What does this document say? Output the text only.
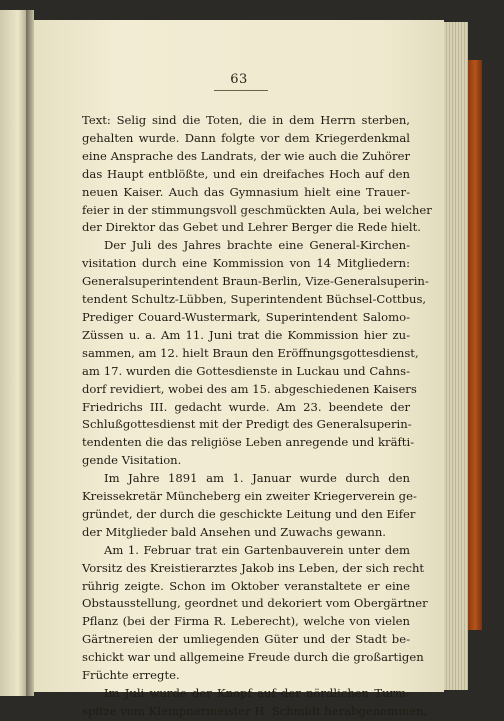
63
Text: Selig sind die Toten, die in dem Herrn sterben,
gehalten wurde. Dann folgte vor dem Kriegerdenkmal
eine Ansprache des Landrats, der wie auch die Zuhörer
das Haupt entblößte, und ein dreifaches Hoch auf den
neuen Kaiser. Auch das Gymnasium hielt eine Trauer-
feier in der stimmungsvoll geschmückten Aula, bei welcher
der Direktor das Gebet und Lehrer Berger die Rede hielt.
Der Juli des Jahres brachte eine General-Kirchen-
visitation durch eine Kommission von 14 Mitgliedern:
Generalsuperintendent Braun-Berlin, Vize-Generalsuperin-
tendent Schultz-Lübben, Superintendent Büchsel-Cottbus,
Prediger Couard-Wustermark, Superintendent Salomo-
Züssen u. a. Am 11. Juni trat die Kommission hier zu-
sammen, am 12. hielt Braun den Eröffnungsgottesdienst,
am 17. wurden die Gottesdienste in Luckau und Cahns-
dorf revidiert, wobei des am 15. abgeschiedenen Kaisers
Friedrichs III. gedacht wurde. Am 23. beendete der
Schlußgottesdienst mit der Predigt des Generalsuperin-
tendenten die das religiöse Leben anregende und kräfti-
gende Visitation.
Im Jahre 1891 am 1. Januar wurde durch den
Kreissekretär Müncheberg ein zweiter Kriegerverein ge-
gründet, der durch die geschickte Leitung und den Eifer
der Mitglieder bald Ansehen und Zuwachs gewann.
Am 1. Februar trat ein Gartenbauverein unter dem
Vorsitz des Kreistierarztes Jakob ins Leben, der sich recht
rührig zeigte. Schon im Oktober veranstaltete er eine
Obstausstellung, geordnet und dekoriert vom Obergärtner
Pflanz (bei der Firma R. Leberecht), welche von vielen
Gärtnereien der umliegenden Güter und der Stadt be-
schickt war und allgemeine Freude durch die großartigen
Früchte erregte.
Im Juli wurde der Knopf auf der nördlichen Turm-
spitze vom Klempnermeister H. Schmidt herabgenommen,
